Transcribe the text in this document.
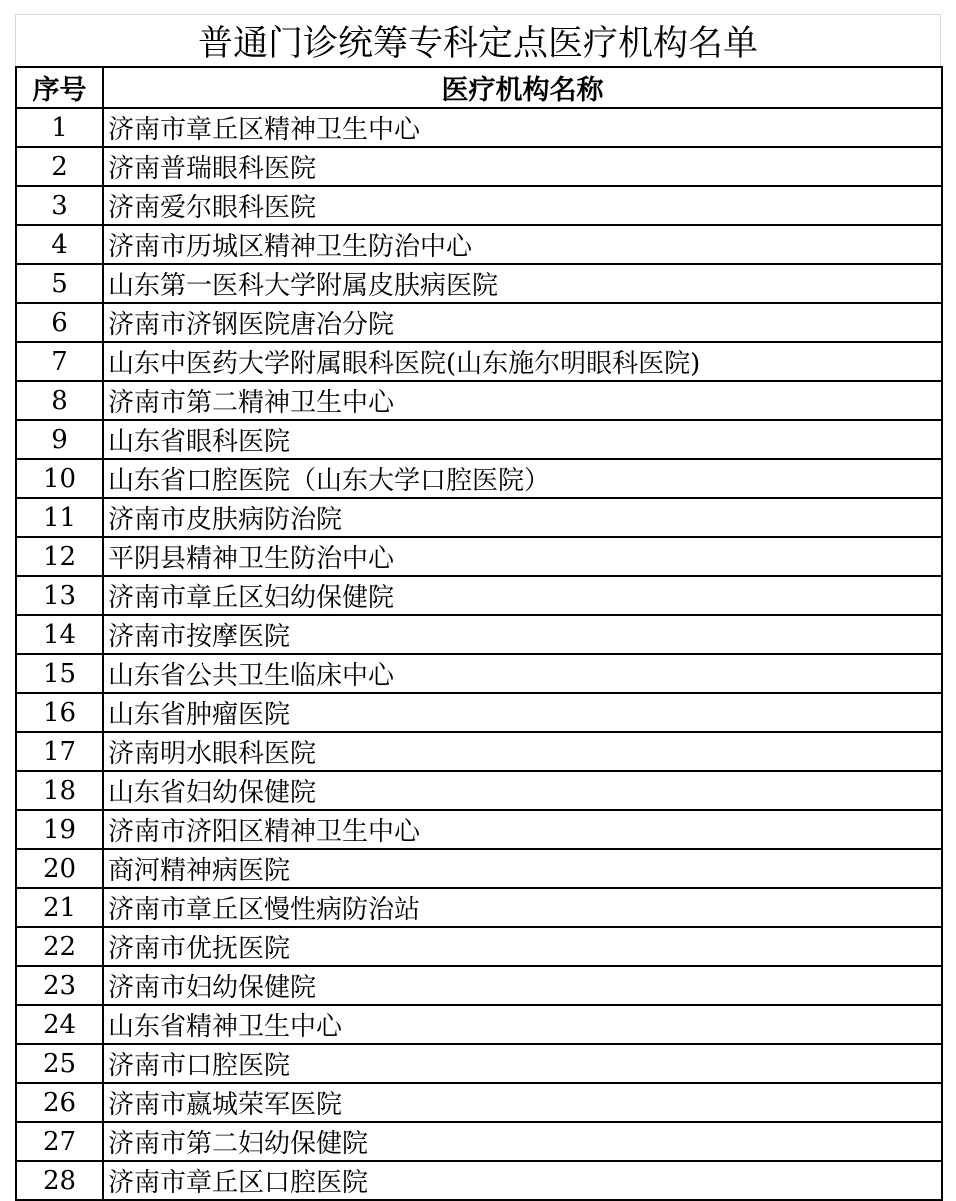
普通门诊统筹专科定点医疗机构名单
序号	医疗机构名称
1	济南市章丘区精神卫生中心
2	济南普瑞眼科医院
3	济南爱尔眼科医院
4	济南市历城区精神卫生防治中心
5	山东第一医科大学附属皮肤病医院
6	济南市济钢医院唐冶分院
7	山东中医药大学附属眼科医院(山东施尔明眼科医院)
8	济南市第二精神卫生中心
9	山东省眼科医院
10	山东省口腔医院（山东大学口腔医院）
11	济南市皮肤病防治院
12	平阴县精神卫生防治中心
13	济南市章丘区妇幼保健院
14	济南市按摩医院
15	山东省公共卫生临床中心
16	山东省肿瘤医院
17	济南明水眼科医院
18	山东省妇幼保健院
19	济南市济阳区精神卫生中心
20	商河精神病医院
21	济南市章丘区慢性病防治站
22	济南市优抚医院
23	济南市妇幼保健院
24	山东省精神卫生中心
25	济南市口腔医院
26	济南市嬴城荣军医院
27	济南市第二妇幼保健院
28	济南市章丘区口腔医院
